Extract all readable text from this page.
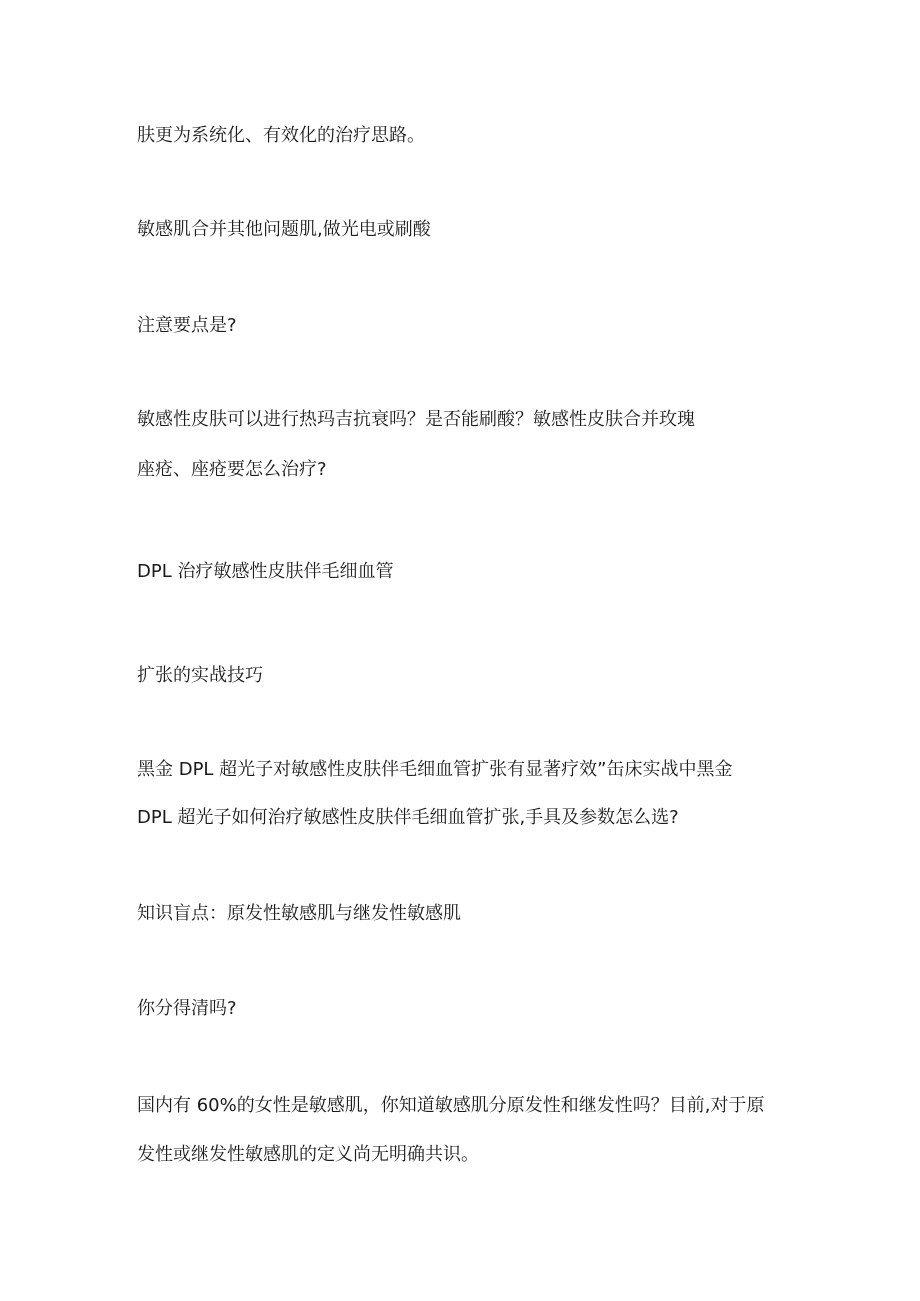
肤更为系统化、有效化的治疗思路。
敏感肌合并其他问题肌,做光电或刷酸
注意要点是?
敏感性皮肤可以进行热玛吉抗衰吗？是否能刷酸？敏感性皮肤合并玫瑰
座疮、座疮要怎么治疗?
DPL 治疗敏感性皮肤伴毛细血管
扩张的实战技巧
黑金 DPL 超光子对敏感性皮肤伴毛细血管扩张有显著疗效”缶床实战中黑金
DPL 超光子如何治疗敏感性皮肤伴毛细血管扩张,手具及参数怎么选?
知识盲点：原发性敏感肌与继发性敏感肌
你分得清吗?
国内有 60%的女性是敏感肌，你知道敏感肌分原发性和继发性吗？目前,对于原
发性或继发性敏感肌的定义尚无明确共识。
